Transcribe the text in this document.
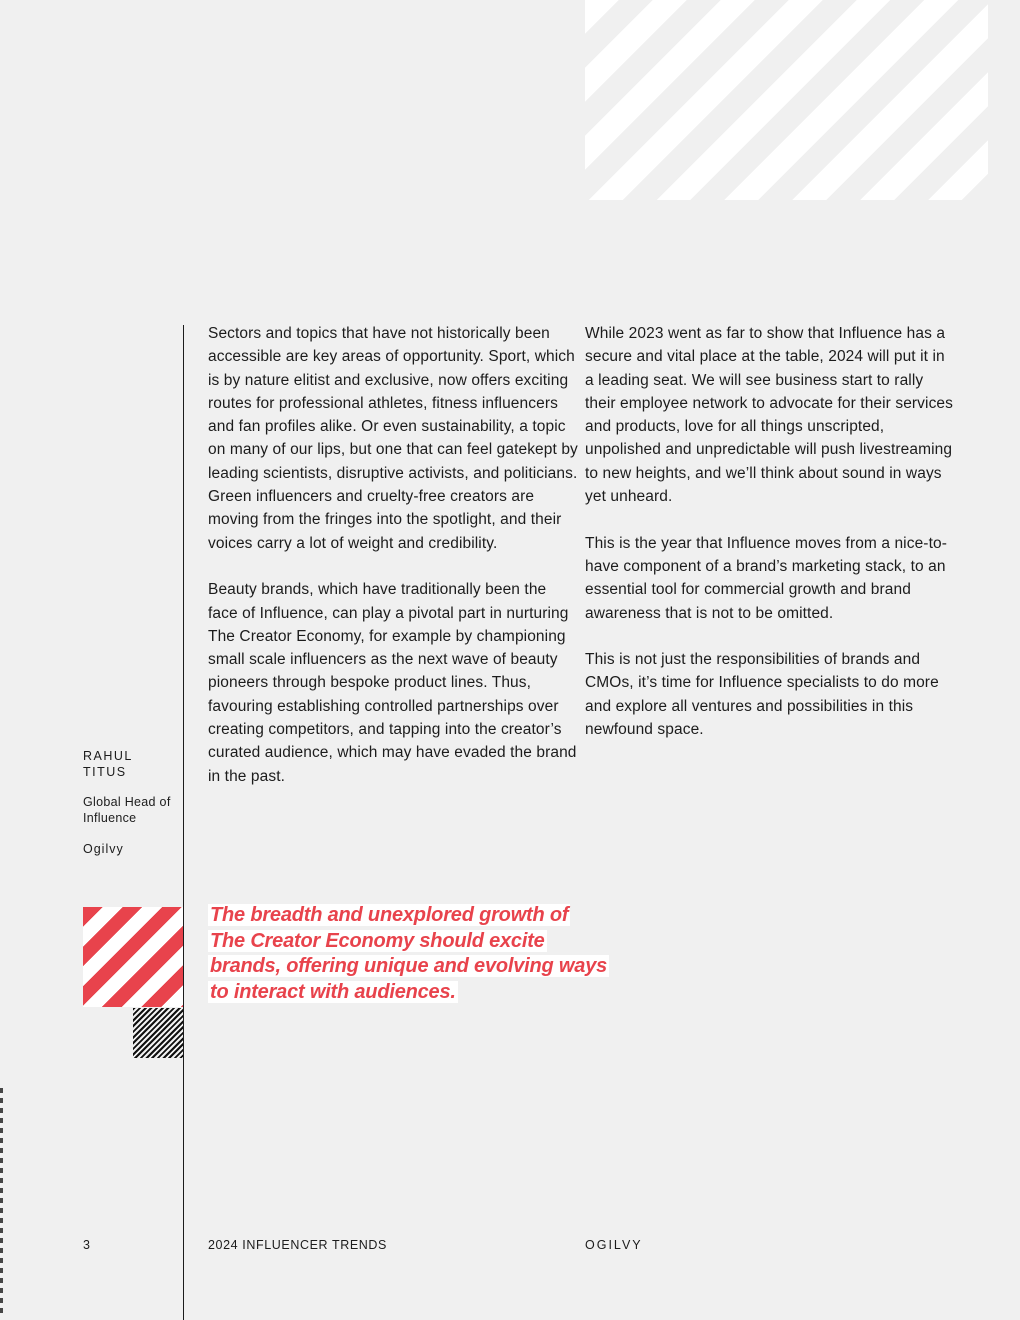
Sectors and topics that have not historically been accessible are key areas of opportunity. Sport, which is by nature elitist and exclusive, now offers exciting routes for professional athletes, fitness influencers and fan profiles alike. Or even sustainability, a topic on many of our lips, but one that can feel gatekept by leading scientists, disruptive activists, and politicians. Green influencers and cruelty-free creators are moving from the fringes into the spotlight, and their voices carry a lot of weight and credibility.

Beauty brands, which have traditionally been the face of Influence, can play a pivotal part in nurturing The Creator Economy, for example by championing small scale influencers as the next wave of beauty pioneers through bespoke product lines. Thus, favouring establishing controlled partnerships over creating competitors, and tapping into the creator’s curated audience, which may have evaded the brand in the past.

While 2023 went as far to show that Influence has a secure and vital place at the table, 2024 will put it in a leading seat. We will see business start to rally their employee network to advocate for their services and products, love for all things unscripted, unpolished and unpredictable will push livestreaming to new heights, and we’ll think about sound in ways yet unheard.

This is the year that Influence moves from a nice-to-have component of a brand’s marketing stack, to an essential tool for commercial growth and brand awareness that is not to be omitted.

This is not just the responsibilities of brands and CMOs, it’s time for Influence specialists to do more and explore all ventures and possibilities in this newfound space.

RAHUL TITUS
Global Head of Influence
Ogilvy
The breadth and unexplored growth of The Creator Economy should excite brands, offering unique and evolving ways to interact with audiences.
3	2024 INFLUENCER TRENDS	OGILVY
